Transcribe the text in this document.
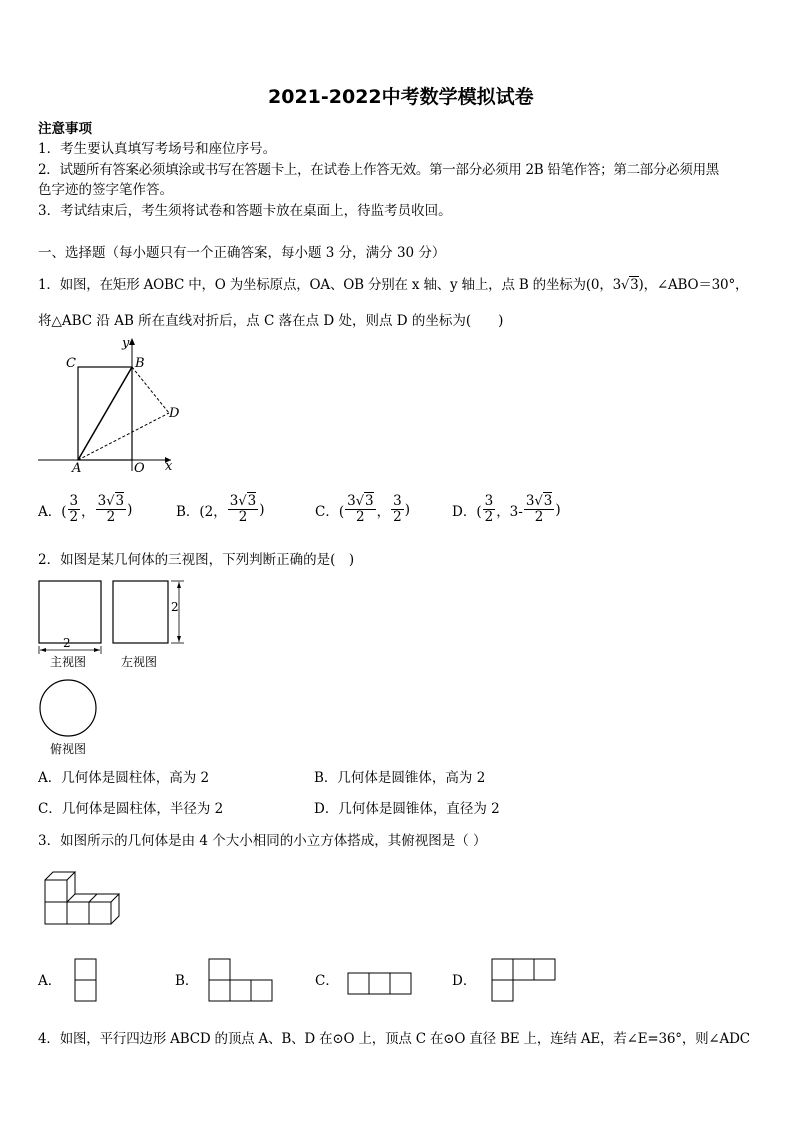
2021-2022中考数学模拟试卷
注意事项
1．考生要认真填写考场号和座位序号。
2．试题所有答案必须填涂或书写在答题卡上，在试卷上作答无效。第一部分必须用 2B 铅笔作答；第二部分必须用黑
色字迹的签字笔作答。
3．考试结束后，考生须将试卷和答题卡放在桌面上，待监考员收回。
一、选择题（每小题只有一个正确答案，每小题 3 分，满分 30 分）
1．如图，在矩形 AOBC 中，O 为坐标原点，OA、OB 分别在 x 轴、y 轴上，点 B 的坐标为(0，3√3)，∠ABO＝30°，
将△ABC 沿 AB 所在直线对折后，点 C 落在点 D 处，则点 D 的坐标为(　　)
C	B
y
D
A	O x
A．( $\frac{3}{2}$ ， $\frac{3√3}{2}$ )	B．(2， $\frac{3√3}{2}$ )	C．( $\frac{3√3}{2}$ ， $\frac{3}{2}$ )	D．( $\frac{3}{2}$ ，$3- \frac{3√3}{2}$ )
2．如图是某几何体的三视图，下列判断正确的是(　)
2
2
主视图	左视图
俯视图
A．几何体是圆柱体，高为 2	B．几何体是圆锥体，高为 2
C．几何体是圆柱体，半径为 2	D．几何体是圆锥体，直径为 2
3．如图所示的几何体是由 4 个大小相同的小立方体搭成，其俯视图是（ ）
A．	B．	C．	D．
4．如图，平行四边形 ABCD 的顶点 A、B、D 在⊙O 上，顶点 C 在⊙O 直径 BE 上，连结 AE，若∠E=36°，则∠ADC
